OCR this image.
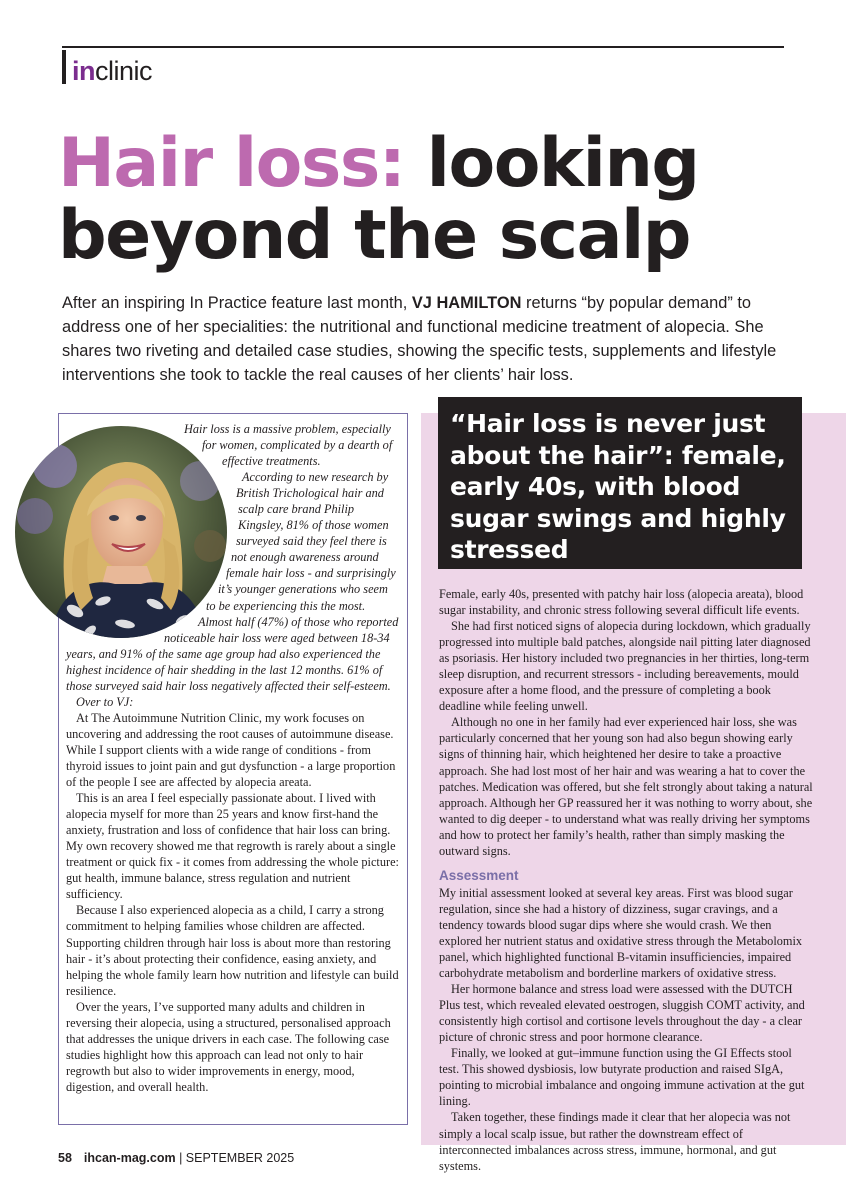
inclinic
Hair loss: looking
beyond the scalp
After an inspiring In Practice feature last month, VJ HAMILTON returns “by popular demand” to address one of her specialities: the nutritional and functional medicine treatment of alopecia. She shares two riveting and detailed case studies, showing the specific tests, supplements and lifestyle interventions she took to tackle the real causes of her clients’ hair loss.

Hair loss is a massive problem, especially for women, complicated by a dearth of effective treatments.

According to new research by British Trichological hair and scalp care brand Philip Kingsley, 81% of those women surveyed said they feel there is not enough awareness around female hair loss - and surprisingly it’s younger generations who seem to be experiencing this the most.

Almost half (47%) of those who reported noticeable hair loss were aged between 18-34 years, and 91% of the same age group had also experienced the highest incidence of hair shedding in the last 12 months. 61% of those surveyed said hair loss negatively affected their self-esteem.

Over to VJ:

At The Autoimmune Nutrition Clinic, my work focuses on uncovering and addressing the root causes of autoimmune disease. While I support clients with a wide range of conditions - from thyroid issues to joint pain and gut dysfunction - a large proportion of the people I see are affected by alopecia areata.

This is an area I feel especially passionate about. I lived with alopecia myself for more than 25 years and know first-hand the anxiety, frustration and loss of confidence that hair loss can bring. My own recovery showed me that regrowth is rarely about a single treatment or quick fix - it comes from addressing the whole picture: gut health, immune balance, stress regulation and nutrient sufficiency.

Because I also experienced alopecia as a child, I carry a strong commitment to helping families whose children are affected. Supporting children through hair loss is about more than restoring hair - it’s about protecting their confidence, easing anxiety, and helping the whole family learn how nutrition and lifestyle can build resilience.

Over the years, I’ve supported many adults and children in reversing their alopecia, using a structured, personalised approach that addresses the unique drivers in each case. The following case studies highlight how this approach can lead not only to hair regrowth but also to wider improvements in energy, mood, digestion, and overall health.

“Hair loss is never just about the hair”: female, early 40s, with blood sugar swings and highly stressed

Female, early 40s, presented with patchy hair loss (alopecia areata), blood sugar instability, and chronic stress following several difficult life events.

She had first noticed signs of alopecia during lockdown, which gradually progressed into multiple bald patches, alongside nail pitting later diagnosed as psoriasis. Her history included two pregnancies in her thirties, long-term sleep disruption, and recurrent stressors - including bereavements, mould exposure after a home flood, and the pressure of completing a book deadline while feeling unwell.

Although no one in her family had ever experienced hair loss, she was particularly concerned that her young son had also begun showing early signs of thinning hair, which heightened her desire to take a proactive approach. She had lost most of her hair and was wearing a hat to cover the patches. Medication was offered, but she felt strongly about taking a natural approach. Although her GP reassured her it was nothing to worry about, she wanted to dig deeper - to understand what was really driving her symptoms and how to protect her family’s health, rather than simply masking the outward signs.

Assessment

My initial assessment looked at several key areas. First was blood sugar regulation, since she had a history of dizziness, sugar cravings, and a tendency towards blood sugar dips where she would crash. We then explored her nutrient status and oxidative stress through the Metabolomix panel, which highlighted functional B-vitamin insufficiencies, impaired carbohydrate metabolism and borderline markers of oxidative stress.

Her hormone balance and stress load were assessed with the DUTCH Plus test, which revealed elevated oestrogen, sluggish COMT activity, and consistently high cortisol and cortisone levels throughout the day - a clear picture of chronic stress and poor hormone clearance.

Finally, we looked at gut–immune function using the GI Effects stool test. This showed dysbiosis, low butyrate production and raised SIgA, pointing to microbial imbalance and ongoing immune activation at the gut lining.

Taken together, these findings made it clear that her alopecia was not simply a local scalp issue, but rather the downstream effect of interconnected imbalances across stress, immune, hormonal, and gut systems.

58 ihcan-mag.com | SEPTEMBER 2025
